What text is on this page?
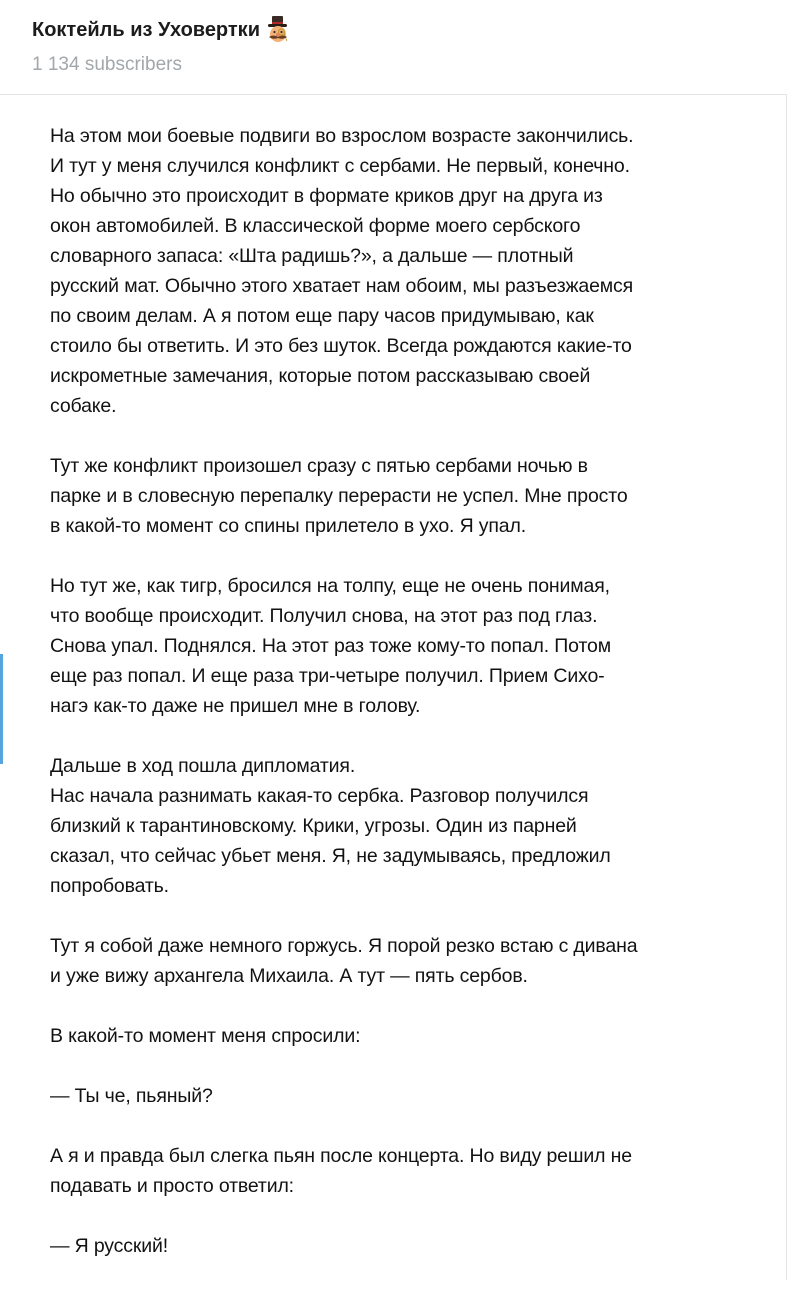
Коктейль из Уховертки
1 134 subscribers

На этом мои боевые подвиги во взрослом возрасте закончились.
И тут у меня случился конфликт с сербами. Не первый, конечно.
Но обычно это происходит в формате криков друг на друга из
окон автомобилей. В классической форме моего сербского
словарного запаса: «Шта радишь?», а дальше — плотный
русский мат. Обычно этого хватает нам обоим, мы разъезжаемся
по своим делам. А я потом еще пару часов придумываю, как
стоило бы ответить. И это без шуток. Всегда рождаются какие-то
искрометные замечания, которые потом рассказываю своей
собаке.

Тут же конфликт произошел сразу с пятью сербами ночью в
парке и в словесную перепалку перерасти не успел. Мне просто
в какой-то момент со спины прилетело в ухо. Я упал.

Но тут же, как тигр, бросился на толпу, еще не очень понимая,
что вообще происходит. Получил снова, на этот раз под глаз.
Снова упал. Поднялся. На этот раз тоже кому-то попал. Потом
еще раз попал. И еще раза три-четыре получил. Прием Сихо-
нагэ как-то даже не пришел мне в голову.

Дальше в ход пошла дипломатия.
Нас начала разнимать какая-то сербка. Разговор получился
близкий к тарантиновскому. Крики, угрозы. Один из парней
сказал, что сейчас убьет меня. Я, не задумываясь, предложил
попробовать.

Тут я собой даже немного горжусь. Я порой резко встаю с дивана
и уже вижу архангела Михаила. А тут — пять сербов.

В какой-то момент меня спросили:

— Ты че, пьяный?

А я и правда был слегка пьян после концерта. Но виду решил не
подавать и просто ответил:

— Я русский!
